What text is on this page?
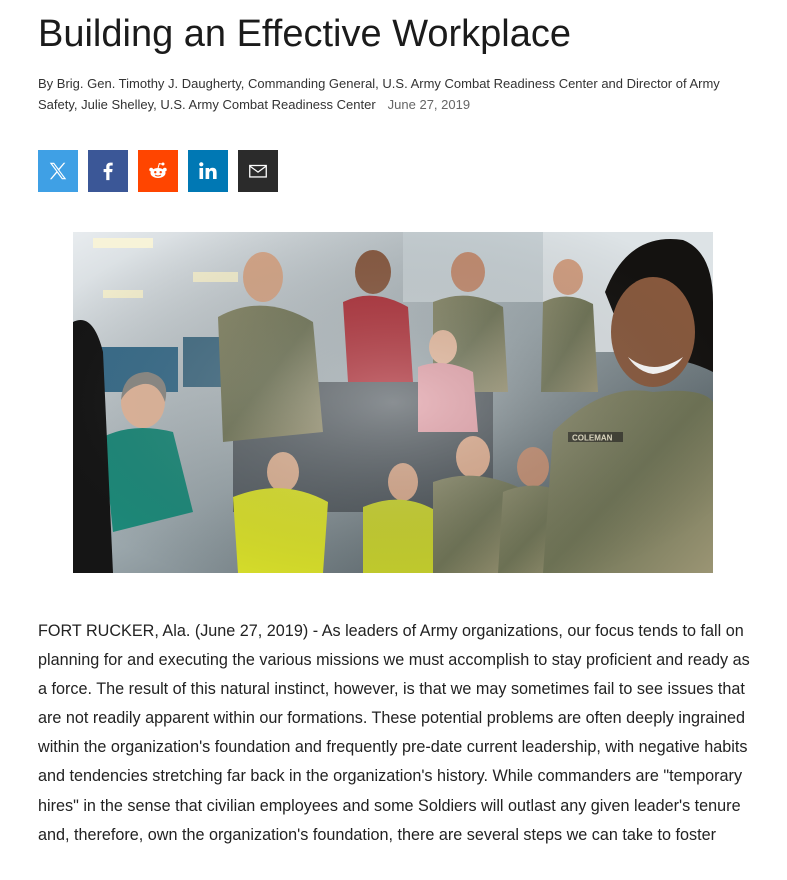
Building an Effective Workplace
By Brig. Gen. Timothy J. Daugherty, Commanding General, U.S. Army Combat Readiness Center and Director of Army Safety, Julie Shelley, U.S. Army Combat Readiness Center June 27, 2019

FORT RUCKER, Ala. (June 27, 2019) - As leaders of Army organizations, our focus tends to fall on planning for and executing the various missions we must accomplish to stay proficient and ready as a force. The result of this natural instinct, however, is that we may sometimes fail to see issues that are not readily apparent within our formations. These potential problems are often deeply ingrained within the organization's foundation and frequently pre-date current leadership, with negative habits and tendencies stretching far back in the organization's history. While commanders are "temporary hires" in the sense that civilian employees and some Soldiers will outlast any given leader's tenure and, therefore, own the organization's foundation, there are several steps we can take to foster
